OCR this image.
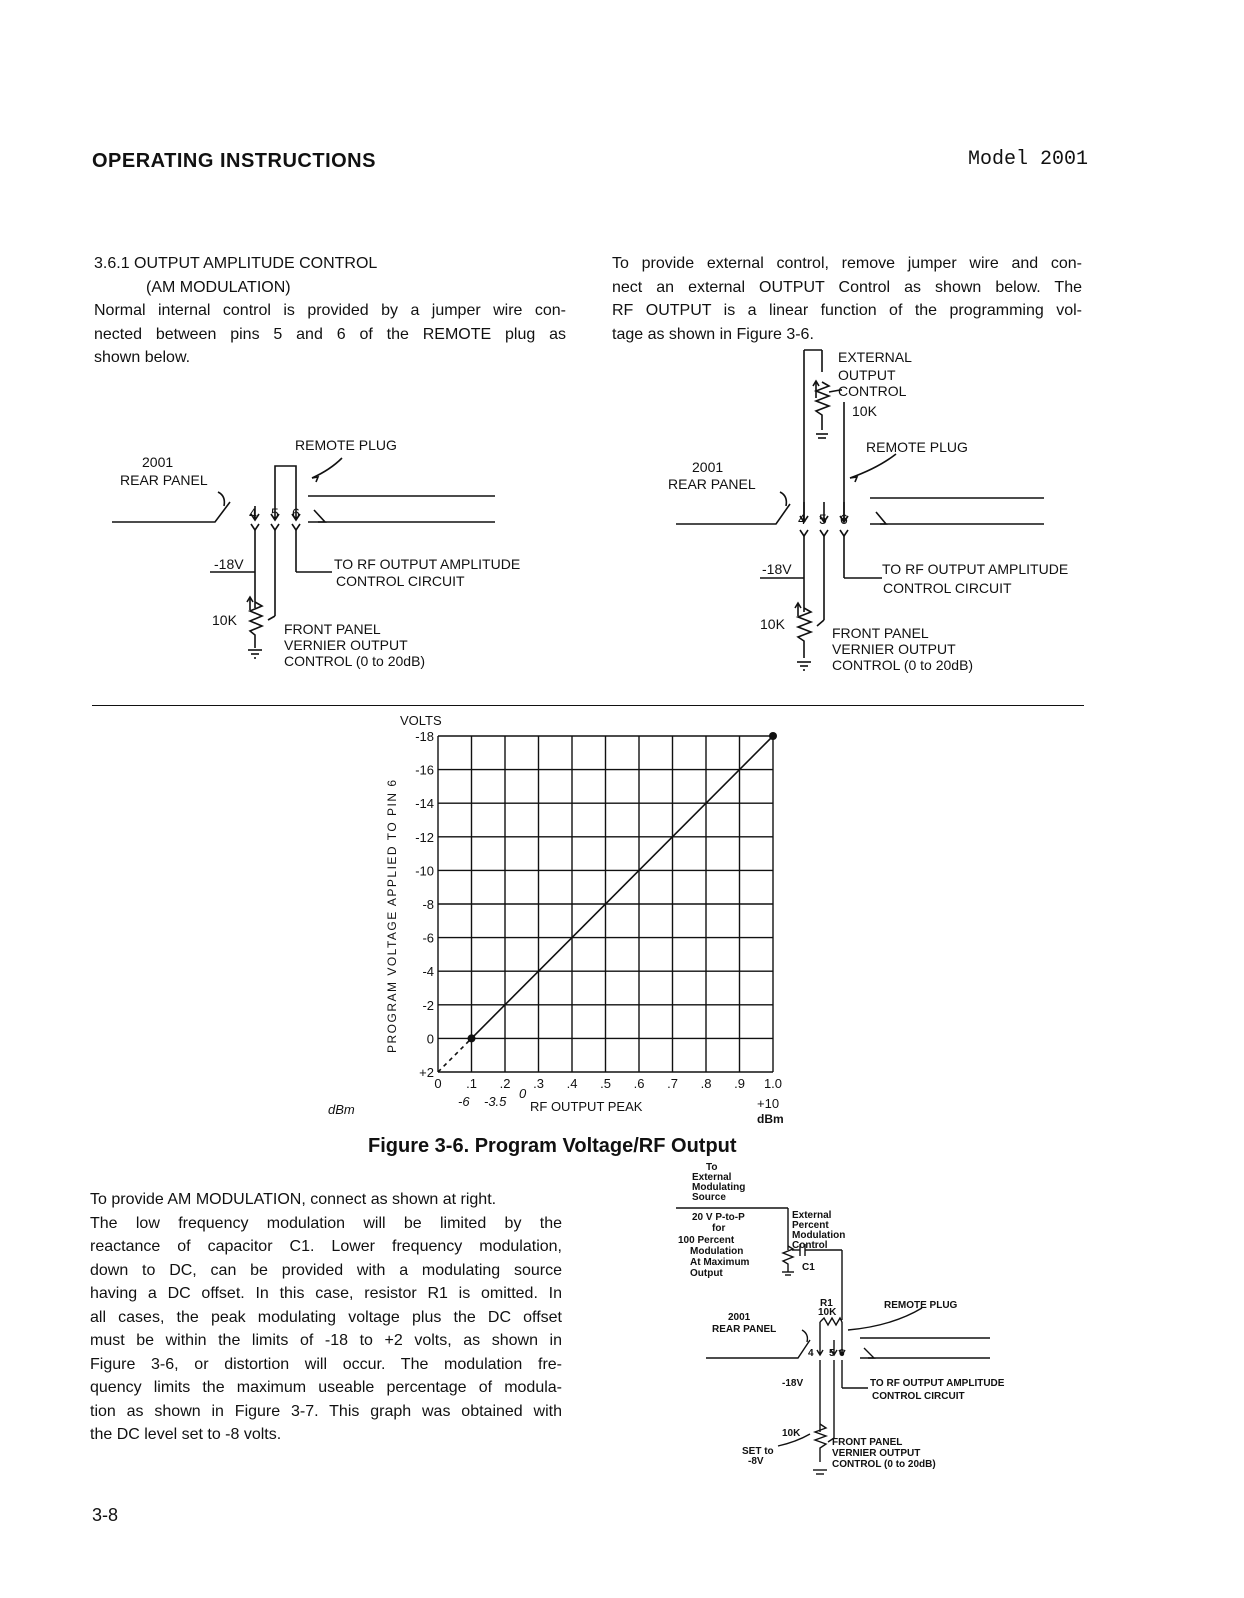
OPERATING INSTRUCTIONS	Model 2001
3.6.1 OUTPUT AMPLITUDE CONTROL
(AM MODULATION)
Normal internal control is provided by a jumper wire con-
nected between pins 5 and 6 of the REMOTE plug as
shown below.
To provide external control, remove jumper wire and con-
nect an external OUTPUT Control as shown below. The
RF OUTPUT is a linear function of the programming vol-
tage as shown in Figure 3-6.
2001
REAR PANEL
REMOTE PLUG
4 5 6
-18V	TO RF OUTPUT AMPLITUDE
CONTROL CIRCUIT
10K
FRONT PANEL
VERNIER OUTPUT
CONTROL (0 to 20dB)
EXTERNAL
OUTPUT
CONTROL
10K
2001
REAR PANEL
REMOTE PLUG
4 5 6
-18V	TO RF OUTPUT AMPLITUDE
CONTROL CIRCUIT
10K
FRONT PANEL
VERNIER OUTPUT
CONTROL (0 to 20dB)
VOLTS
PROGRAM VOLTAGE APPLIED TO PIN 6
-18
-16
-14
-12
-10
-8
-6
-4
-2
0
+2
0 .1 .2 .3 .4 .5 .6 .7 .8 .9 1.0
RF OUTPUT PEAK	+10
dBm
dBm
-6 -3.5
0
Figure 3-6. Program Voltage/RF Output
To provide AM MODULATION, connect as shown at right.
The low frequency modulation will be limited by the
reactance of capacitor C1. Lower frequency modulation,
down to DC, can be provided with a modulating source
having a DC offset. In this case, resistor R1 is omitted. In
all cases, the peak modulating voltage plus the DC offset
must be within the limits of -18 to +2 volts, as shown in
Figure 3-6, or distortion will occur. The modulation fre-
quency limits the maximum useable percentage of modula-
tion as shown in Figure 3-7. This graph was obtained with
the DC level set to -8 volts.
To
External
Modulating
Source
20 V P-to-P
for
100 Percent
Modulation
At Maximum
Output
External
Percent
Modulation
Control
C1
R1
10K
REMOTE PLUG
2001
REAR PANEL
4 5 6
-18V	TO RF OUTPUT AMPLITUDE
CONTROL CIRCUIT
10K
SET to
-8V
FRONT PANEL
VERNIER OUTPUT
CONTROL (0 to 20dB)
3-8
